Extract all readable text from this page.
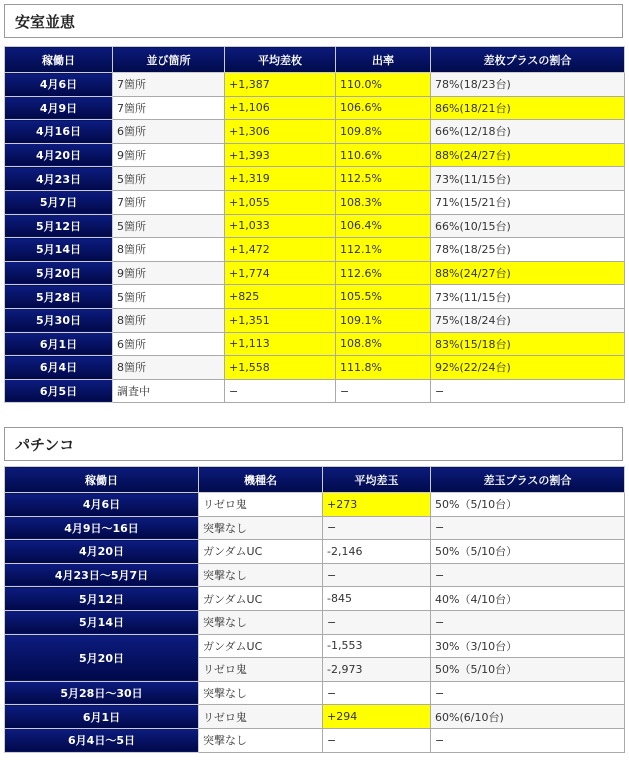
安室並恵
稼働日	並び箇所	平均差枚	出率	差枚プラスの割合
4月6日	7箇所	+1,387	110.0%	78%(18/23台)
4月9日	7箇所	+1,106	106.6%	86%(18/21台)
4月16日	6箇所	+1,306	109.8%	66%(12/18台)
4月20日	9箇所	+1,393	110.6%	88%(24/27台)
4月23日	5箇所	+1,319	112.5%	73%(11/15台)
5月7日	7箇所	+1,055	108.3%	71%(15/21台)
5月12日	5箇所	+1,033	106.4%	66%(10/15台)
5月14日	8箇所	+1,472	112.1%	78%(18/25台)
5月20日	9箇所	+1,774	112.6%	88%(24/27台)
5月28日	5箇所	+825	105.5%	73%(11/15台)
5月30日	8箇所	+1,351	109.1%	75%(18/24台)
6月1日	6箇所	+1,113	108.8%	83%(15/18台)
6月4日	8箇所	+1,558	111.8%	92%(22/24台)
6月5日	調査中	−	−	−
パチンコ
稼働日	機種名	平均差玉	差玉プラスの割合
4月6日	リゼロ鬼	+273	50%（5/10台）
4月9日～16日	突撃なし	−	−
4月20日	ガンダムUC	-2,146	50%（5/10台）
4月23日～5月7日	突撃なし	−	−
5月12日	ガンダムUC	-845	40%（4/10台）
5月14日	突撃なし	−	−
5月20日	ガンダムUC	-1,553	30%（3/10台）
	リゼロ鬼	-2,973	50%（5/10台）
5月28日～30日	突撃なし	−	−
6月1日	リゼロ鬼	+294	60%(6/10台)
6月4日～5日	突撃なし	−	−
